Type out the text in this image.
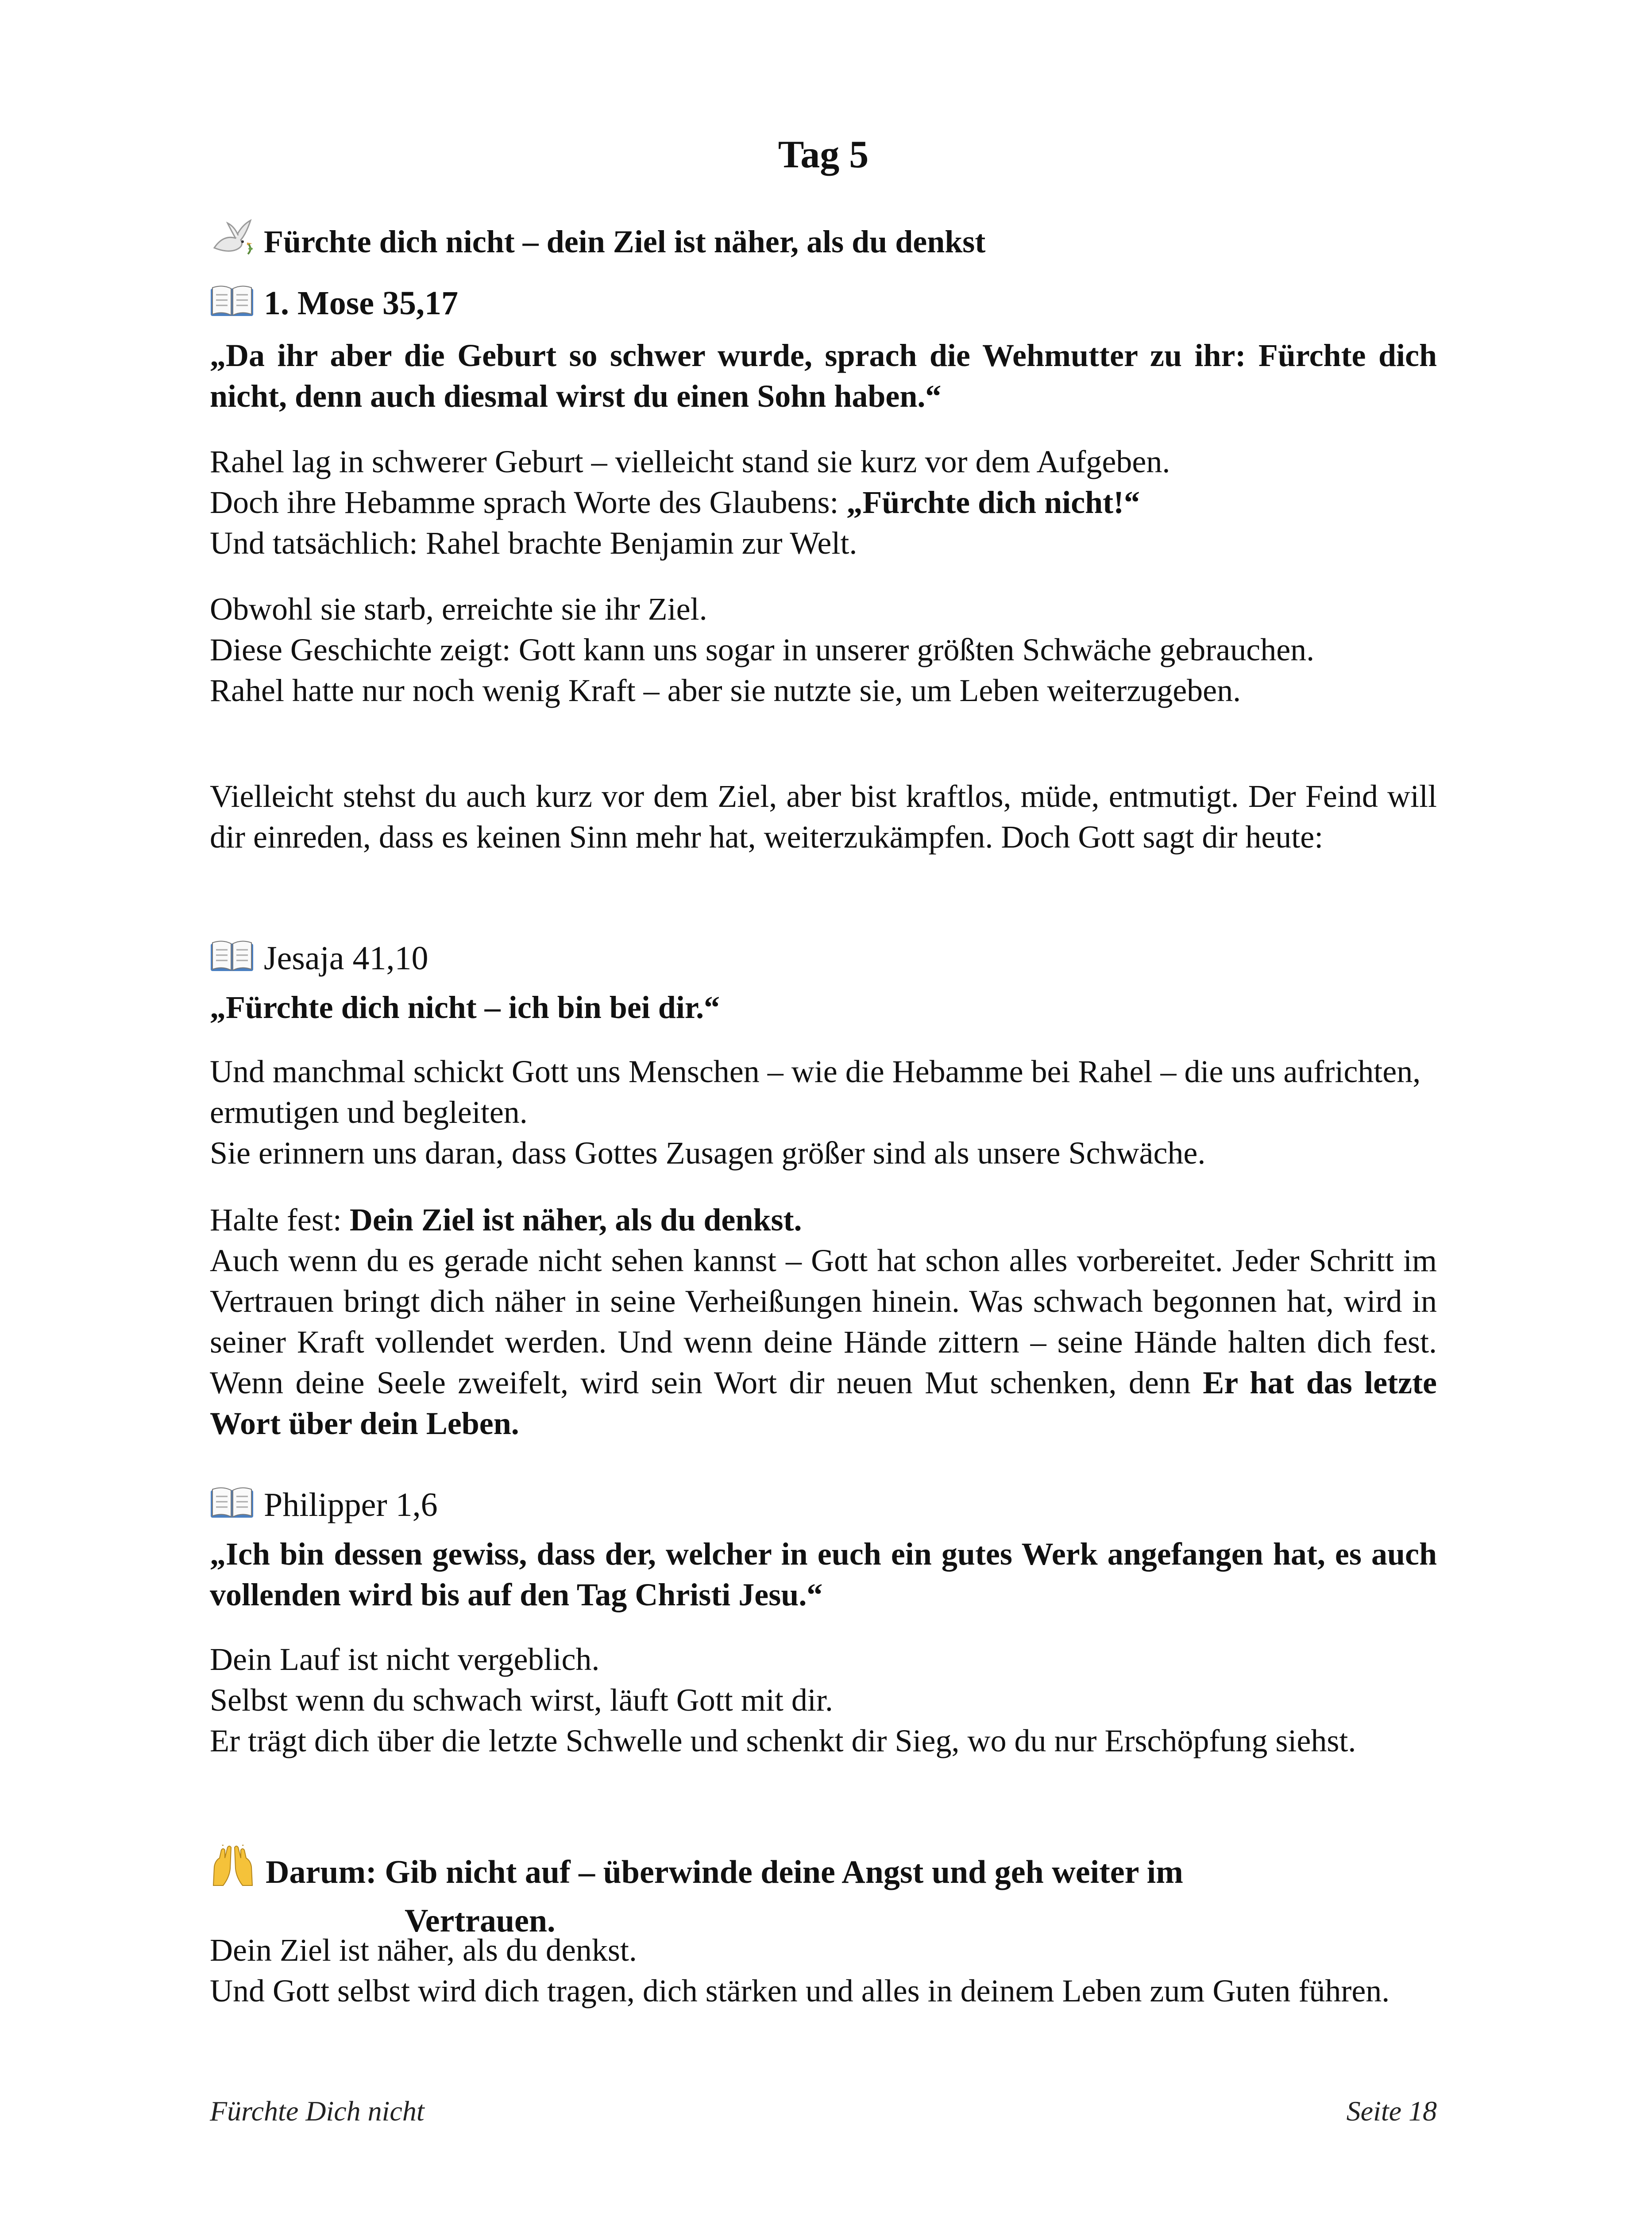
Tag 5
Fürchte dich nicht – dein Ziel ist näher, als du denkst
1. Mose 35,17
„Da ihr aber die Geburt so schwer wurde, sprach die Wehmutter zu ihr: Fürchte dich nicht, denn auch diesmal wirst du einen Sohn haben.“
Rahel lag in schwerer Geburt – vielleicht stand sie kurz vor dem Aufgeben.
Doch ihre Hebamme sprach Worte des Glaubens: „Fürchte dich nicht!“
Und tatsächlich: Rahel brachte Benjamin zur Welt.
Obwohl sie starb, erreichte sie ihr Ziel.
Diese Geschichte zeigt: Gott kann uns sogar in unserer größten Schwäche gebrauchen.
Rahel hatte nur noch wenig Kraft – aber sie nutzte sie, um Leben weiterzugeben.
Vielleicht stehst du auch kurz vor dem Ziel, aber bist kraftlos, müde, entmutigt. Der Feind will dir einreden, dass es keinen Sinn mehr hat, weiterzukämpfen. Doch Gott sagt dir heute:
Jesaja 41,10
„Fürchte dich nicht – ich bin bei dir.“
Und manchmal schickt Gott uns Menschen – wie die Hebamme bei Rahel – die uns aufrichten, ermutigen und begleiten.
Sie erinnern uns daran, dass Gottes Zusagen größer sind als unsere Schwäche.
Halte fest: Dein Ziel ist näher, als du denkst.
Auch wenn du es gerade nicht sehen kannst – Gott hat schon alles vorbereitet. Jeder Schritt im Vertrauen bringt dich näher in seine Verheißungen hinein. Was schwach begonnen hat, wird in seiner Kraft vollendet werden. Und wenn deine Hände zittern – seine Hände halten dich fest. Wenn deine Seele zweifelt, wird sein Wort dir neuen Mut schenken, denn Er hat das letzte Wort über dein Leben.
Philipper 1,6
„Ich bin dessen gewiss, dass der, welcher in euch ein gutes Werk angefangen hat, es auch vollenden wird bis auf den Tag Christi Jesu.“
Dein Lauf ist nicht vergeblich.
Selbst wenn du schwach wirst, läuft Gott mit dir.
Er trägt dich über die letzte Schwelle und schenkt dir Sieg, wo du nur Erschöpfung siehst.
Darum: Gib nicht auf – überwinde deine Angst und geh weiter im
Vertrauen.
Dein Ziel ist näher, als du denkst.
Und Gott selbst wird dich tragen, dich stärken und alles in deinem Leben zum Guten führen.
Fürchte Dich nicht	Seite 18
